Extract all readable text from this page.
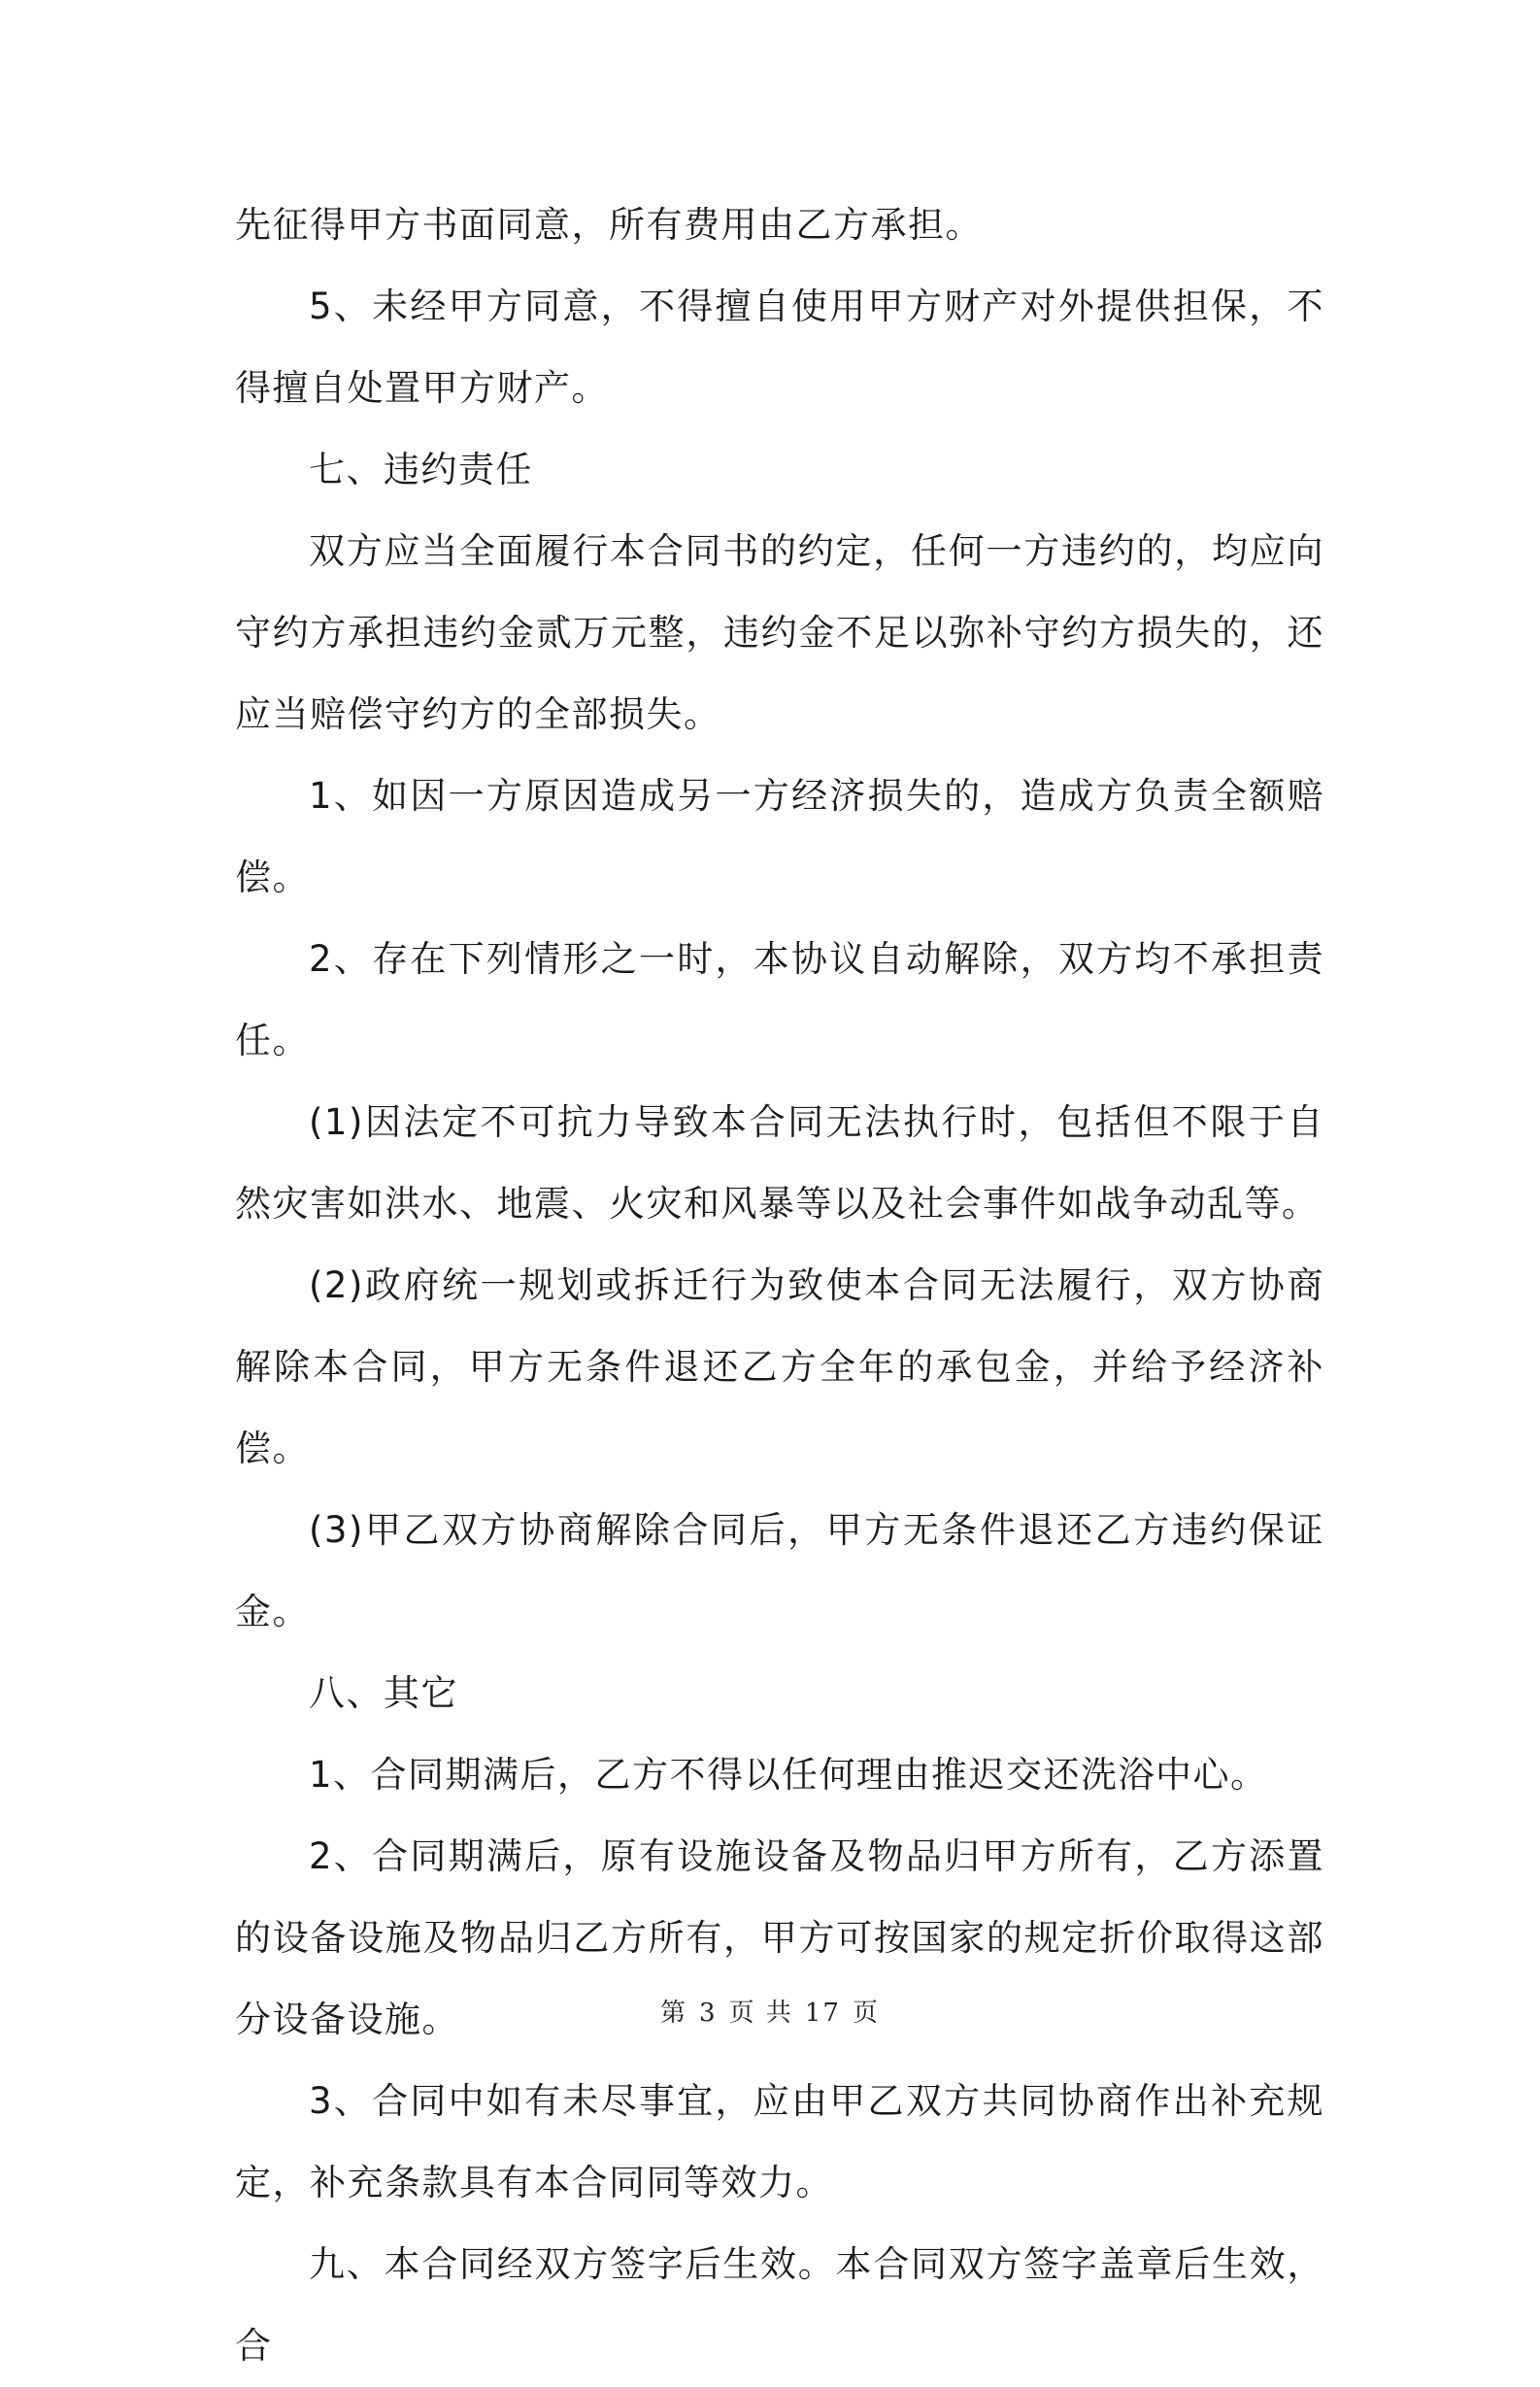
先征得甲方书面同意，所有费用由乙方承担。

5、未经甲方同意，不得擅自使用甲方财产对外提供担保，不得擅自处置甲方财产。

七、违约责任

双方应当全面履行本合同书的约定，任何一方违约的，均应向守约方承担违约金贰万元整，违约金不足以弥补守约方损失的，还应当赔偿守约方的全部损失。

1、如因一方原因造成另一方经济损失的，造成方负责全额赔偿。

2、存在下列情形之一时，本协议自动解除，双方均不承担责任。

(1)因法定不可抗力导致本合同无法执行时，包括但不限于自然灾害如洪水、地震、火灾和风暴等以及社会事件如战争动乱等。

(2)政府统一规划或拆迁行为致使本合同无法履行，双方协商解除本合同，甲方无条件退还乙方全年的承包金，并给予经济补偿。

(3)甲乙双方协商解除合同后，甲方无条件退还乙方违约保证金。

八、其它

1、合同期满后，乙方不得以任何理由推迟交还洗浴中心。

2、合同期满后，原有设施设备及物品归甲方所有，乙方添置的设备设施及物品归乙方所有，甲方可按国家的规定折价取得这部分设备设施。

3、合同中如有未尽事宜，应由甲乙双方共同协商作出补充规定，补充条款具有本合同同等效力。

九、本合同经双方签字后生效。本合同双方签字盖章后生效，合

第 3 页 共 17 页
